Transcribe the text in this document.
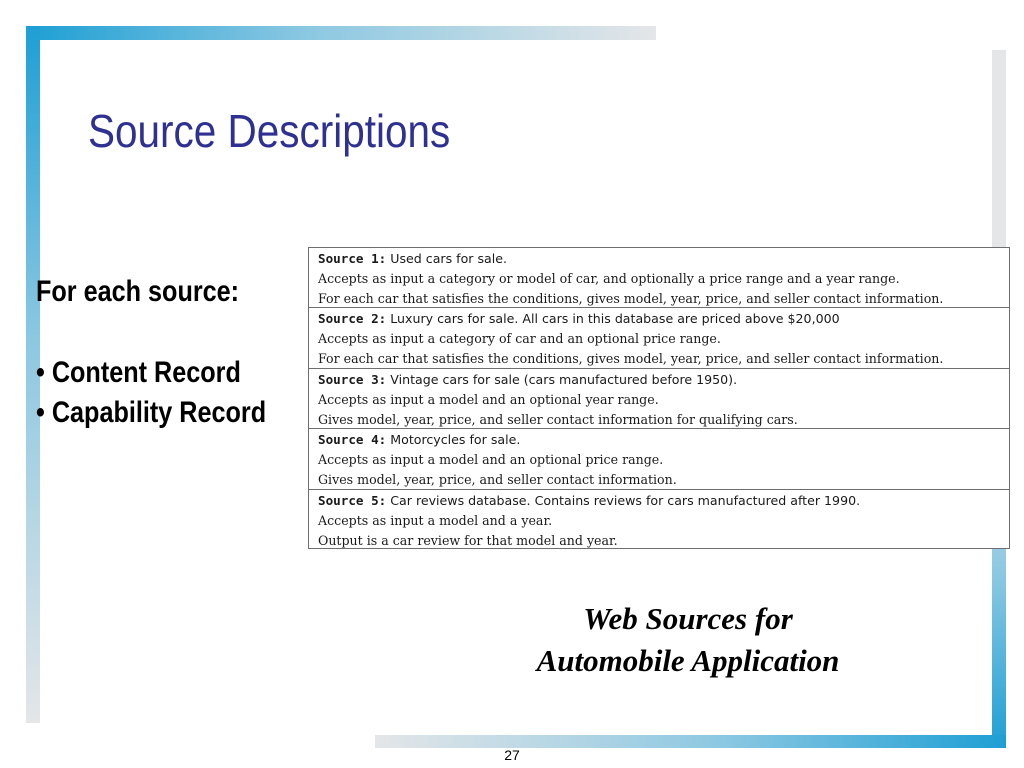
Source Descriptions
For each source:
• Content Record
• Capability Record
Source 1: Used cars for sale.
Accepts as input a category or model of car, and optionally a price range and a year range.
For each car that satisfies the conditions, gives model, year, price, and seller contact information.
Source 2: Luxury cars for sale. All cars in this database are priced above $20,000
Accepts as input a category of car and an optional price range.
For each car that satisfies the conditions, gives model, year, price, and seller contact information.
Source 3: Vintage cars for sale (cars manufactured before 1950).
Accepts as input a model and an optional year range.
Gives model, year, price, and seller contact information for qualifying cars.
Source 4: Motorcycles for sale.
Accepts as input a model and an optional price range.
Gives model, year, price, and seller contact information.
Source 5: Car reviews database. Contains reviews for cars manufactured after 1990.
Accepts as input a model and a year.
Output is a car review for that model and year.
Web Sources for
Automobile Application
27
